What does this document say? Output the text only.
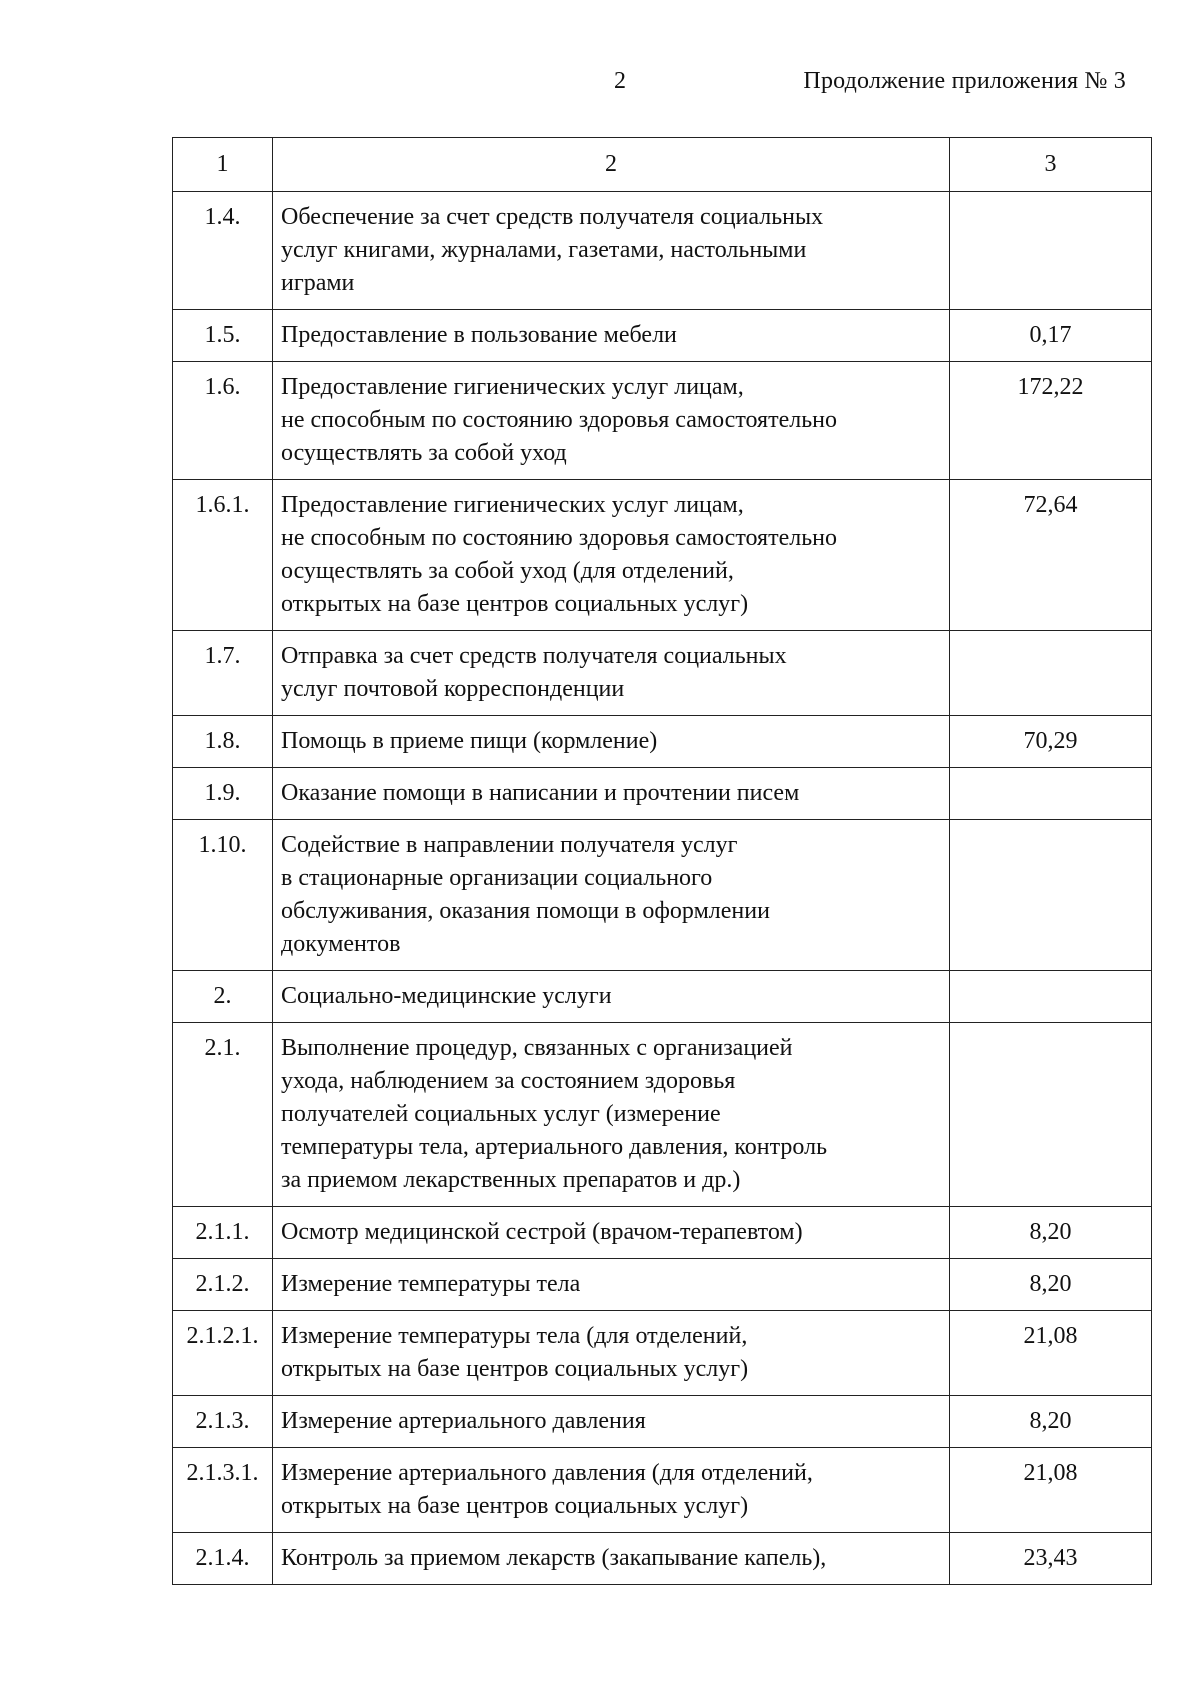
2	Продолжение приложения № 3
1	2	3
1.4.	Обеспечение за счет средств получателя социальных
услуг книгами, журналами, газетами, настольными
играми	
1.5.	Предоставление в пользование мебели	0,17
1.6.	Предоставление гигиенических услуг лицам,
не способным по состоянию здоровья самостоятельно
осуществлять за собой уход	172,22
1.6.1.	Предоставление гигиенических услуг лицам,
не способным по состоянию здоровья самостоятельно
осуществлять за собой уход (для отделений,
открытых на базе центров социальных услуг)	72,64
1.7.	Отправка за счет средств получателя социальных
услуг почтовой корреспонденции	
1.8.	Помощь в приеме пищи (кормление)	70,29
1.9.	Оказание помощи в написании и прочтении писем	
1.10.	Содействие в направлении получателя услуг
в стационарные организации социального
обслуживания, оказания помощи в оформлении
документов	
2.	Социально-медицинские услуги	
2.1.	Выполнение процедур, связанных с организацией
ухода, наблюдением за состоянием здоровья
получателей социальных услуг (измерение
температуры тела, артериального давления, контроль
за приемом лекарственных препаратов и др.)	
2.1.1.	Осмотр медицинской сестрой (врачом-терапевтом)	8,20
2.1.2.	Измерение температуры тела	8,20
2.1.2.1.	Измерение температуры тела (для отделений,
открытых на базе центров социальных услуг)	21,08
2.1.3.	Измерение артериального давления	8,20
2.1.3.1.	Измерение артериального давления (для отделений,
открытых на базе центров социальных услуг)	21,08
2.1.4.	Контроль за приемом лекарств (закапывание капель),	23,43
